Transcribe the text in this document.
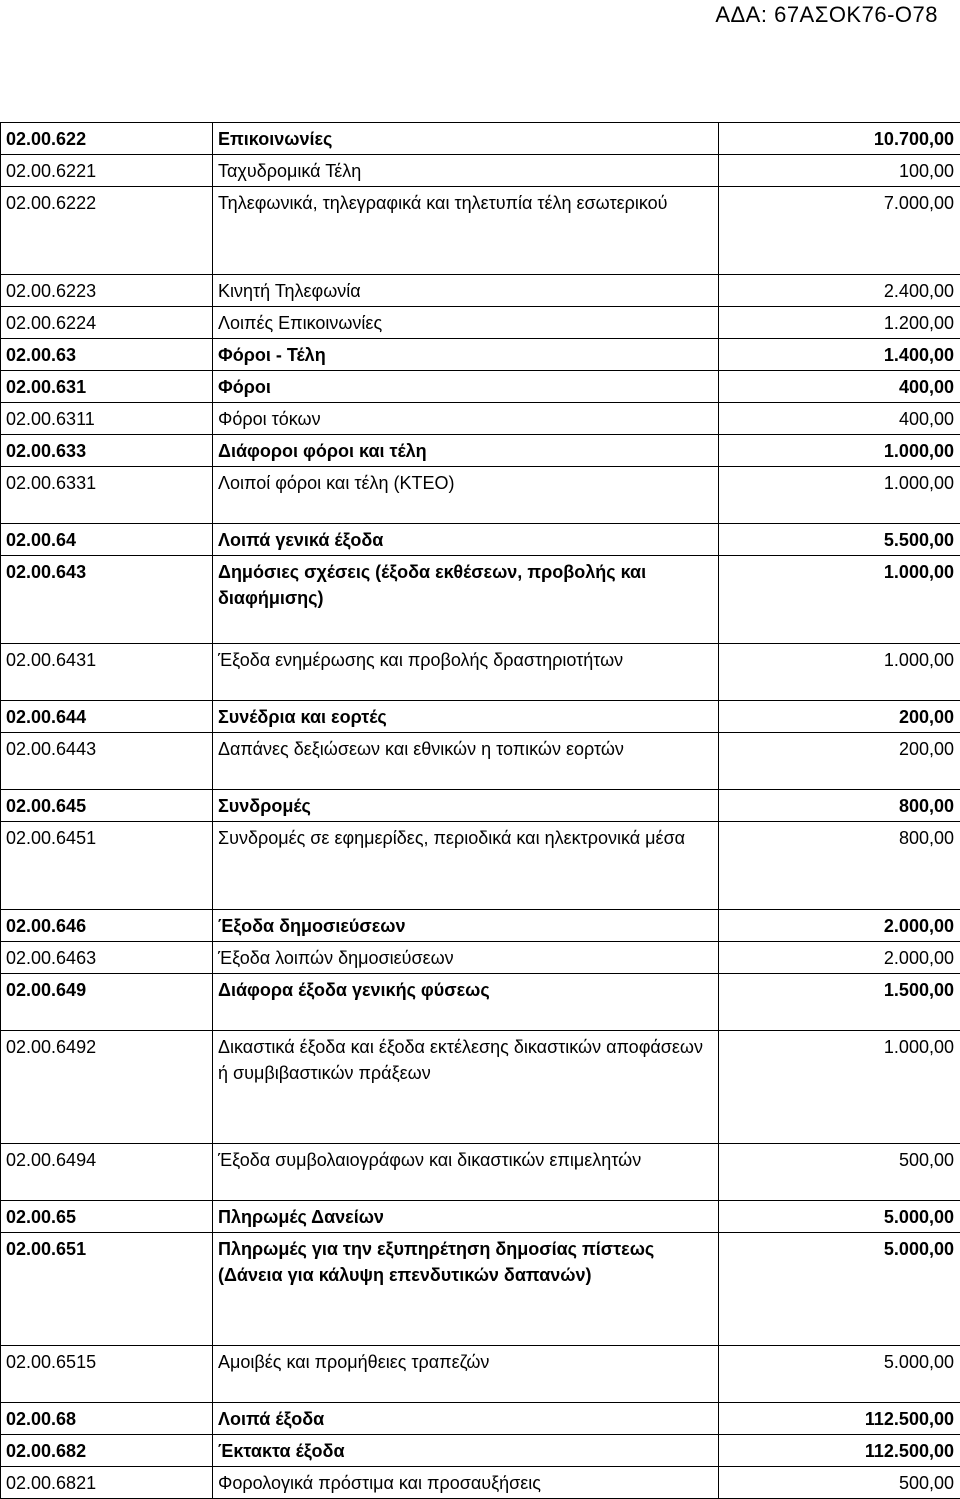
ΑΔΑ: 67ΑΣΟΚ76-Ο78
02.00.622	Επικοινωνίες	10.700,00
02.00.6221	Ταχυδρομικά Τέλη	100,00
02.00.6222	Τηλεφωνικά, τηλεγραφικά και τηλετυπία τέλη εσωτερικού	7.000,00
02.00.6223	Κινητή Τηλεφωνία	2.400,00
02.00.6224	Λοιπές Επικοινωνίες	1.200,00
02.00.63	Φόροι - Τέλη	1.400,00
02.00.631	Φόροι	400,00
02.00.6311	Φόροι τόκων	400,00
02.00.633	Διάφοροι φόροι και τέλη	1.000,00
02.00.6331	Λοιποί φόροι και τέλη (ΚΤΕΟ)	1.000,00
02.00.64	Λοιπά γενικά έξοδα	5.500,00
02.00.643	Δημόσιες σχέσεις (έξοδα εκθέσεων, προβολής και διαφήμισης)	1.000,00
02.00.6431	Έξοδα ενημέρωσης και προβολής δραστηριοτήτων	1.000,00
02.00.644	Συνέδρια και εορτές	200,00
02.00.6443	Δαπάνες δεξιώσεων και εθνικών η τοπικών εορτών	200,00
02.00.645	Συνδρομές	800,00
02.00.6451	Συνδρομές σε εφημερίδες, περιοδικά και ηλεκτρονικά μέσα	800,00
02.00.646	Έξοδα δημοσιεύσεων	2.000,00
02.00.6463	Έξοδα λοιπών δημοσιεύσεων	2.000,00
02.00.649	Διάφορα έξοδα γενικής φύσεως	1.500,00
02.00.6492	Δικαστικά έξοδα και έξοδα εκτέλεσης δικαστικών αποφάσεων ή συμβιβαστικών πράξεων	1.000,00
02.00.6494	Έξοδα συμβολαιογράφων και δικαστικών επιμελητών	500,00
02.00.65	Πληρωμές Δανείων	5.000,00
02.00.651	Πληρωμές για την εξυπηρέτηση δημοσίας πίστεως (Δάνεια για κάλυψη επενδυτικών δαπανών)	5.000,00
02.00.6515	Αμοιβές και προμήθειες τραπεζών	5.000,00
02.00.68	Λοιπά έξοδα	112.500,00
02.00.682	Έκτακτα έξοδα	112.500,00
02.00.6821	Φορολογικά πρόστιμα και προσαυξήσεις	500,00
